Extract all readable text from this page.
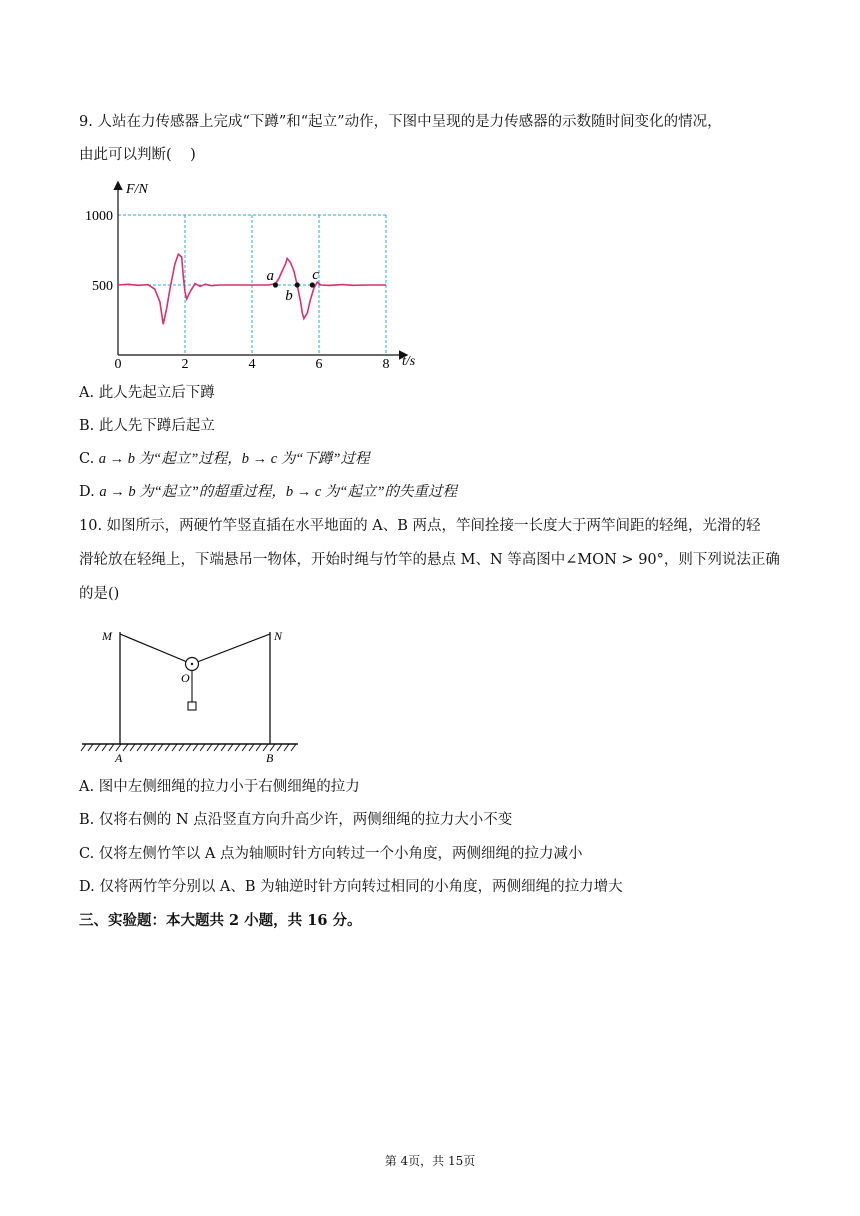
9. 人站在力传感器上完成“下蹲”和“起立”动作，下图中呈现的是力传感器的示数随时间变化的情况，
由此可以判断(    )
0	2	4	6	8
500
1000
F/N
t/s
a
b
c
A. 此人先起立后下蹲
B. 此人先下蹲后起立
C. a → b 为“起立”过程，b → c 为“下蹲”过程
D. a → b 为“起立”的超重过程，b → c 为“起立”的失重过程
10. 如图所示，两硬竹竿竖直插在水平地面的 A、B 两点，竿间拴接一长度大于两竿间距的轻绳，光滑的轻
滑轮放在轻绳上，下端悬吊一物体，开始时绳与竹竿的悬点 M、N 等高图中∠MON > 90°，则下列说法正确
的是()
M	N
O
A	B
A. 图中左侧细绳的拉力小于右侧细绳的拉力
B. 仅将右侧的 N 点沿竖直方向升高少许，两侧细绳的拉力大小不变
C. 仅将左侧竹竿以 A 点为轴顺时针方向转过一个小角度，两侧细绳的拉力减小
D. 仅将两竹竿分别以 A、B 为轴逆时针方向转过相同的小角度，两侧细绳的拉力增大
三、实验题：本大题共 2 小题，共 16 分。
第 4页，共 15页
